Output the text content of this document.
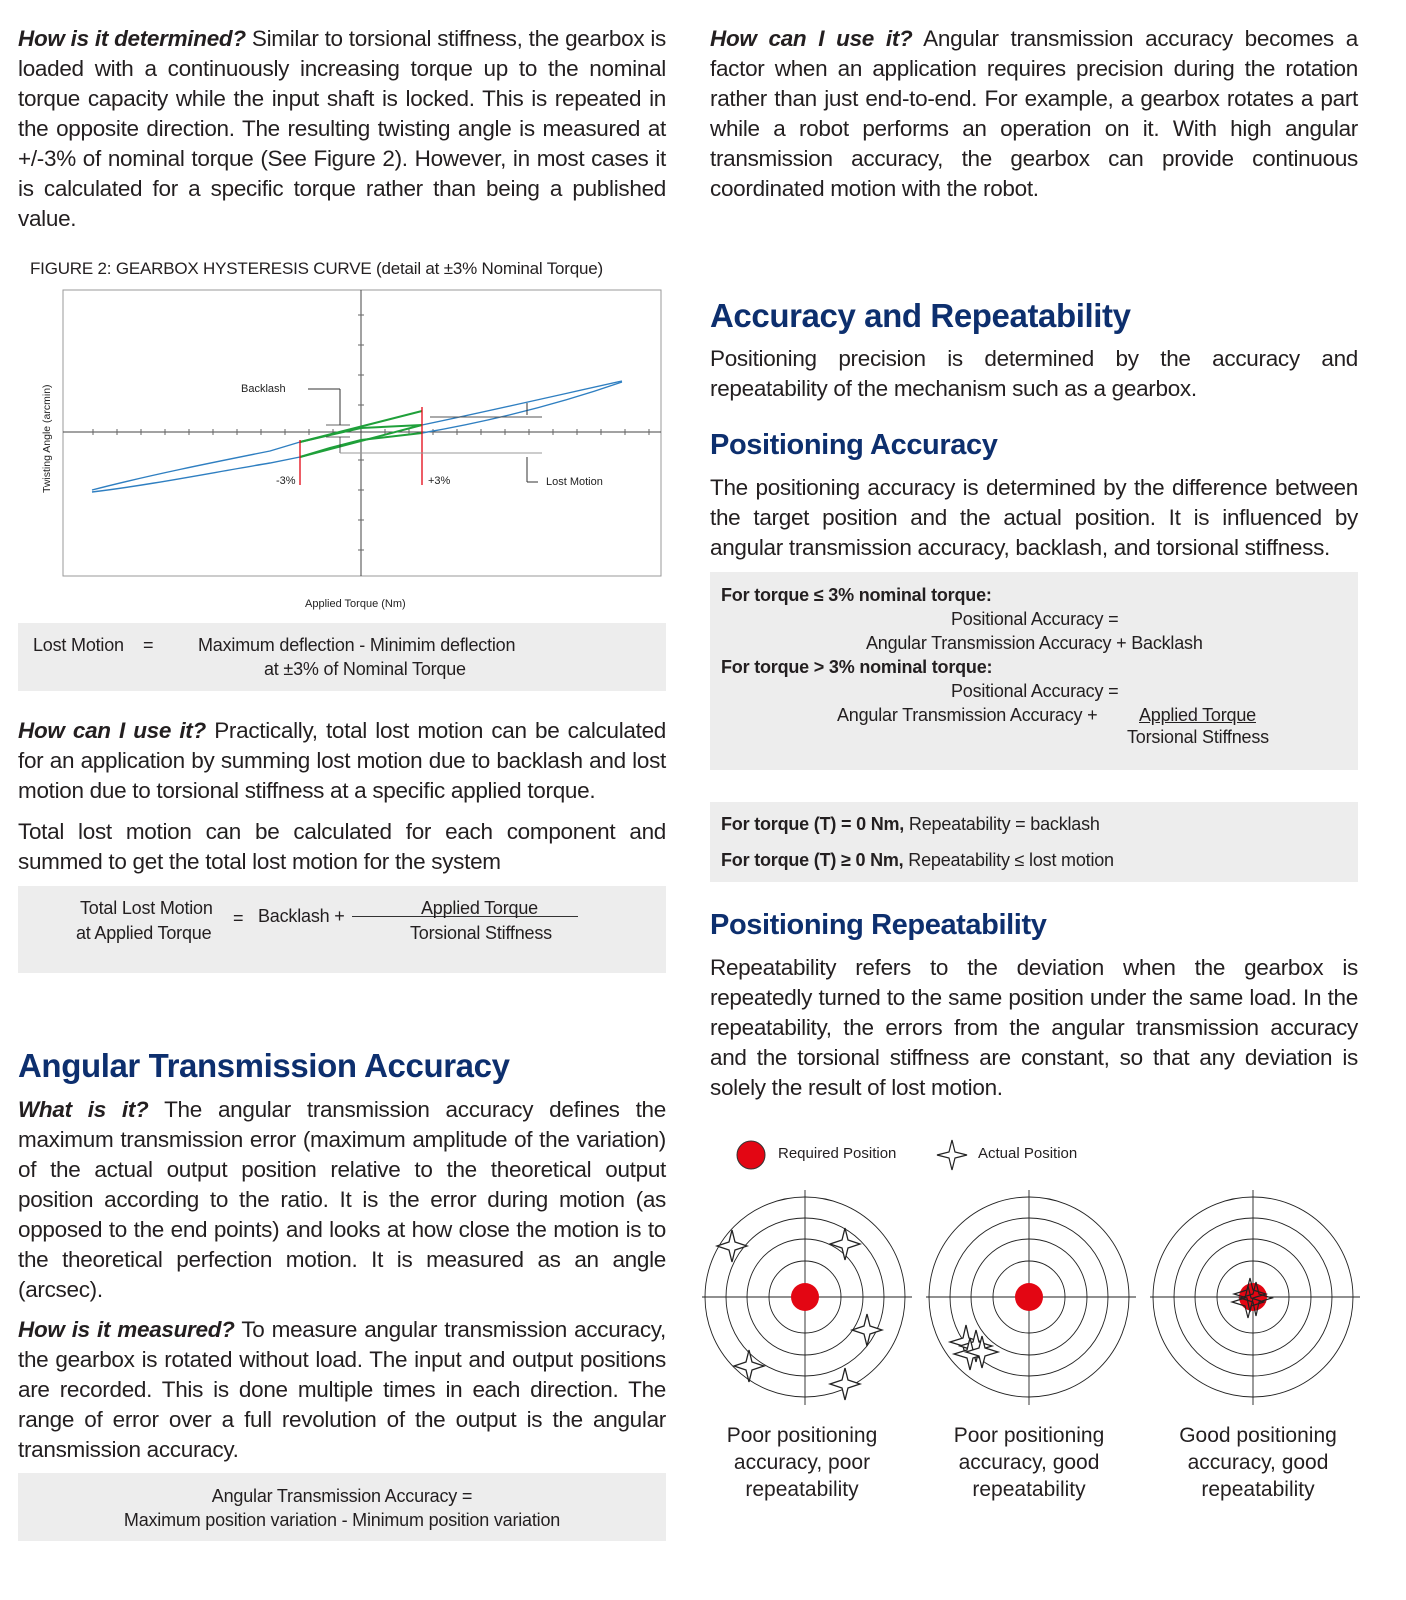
How is it determined? Similar to torsional stiffness, the gearbox is loaded with a continuously increasing torque up to the nominal torque capacity while the input shaft is locked. This is repeated in the opposite direction. The resulting twisting angle is measured at +/-3% of nominal torque (See Figure 2). However, in most cases it is calculated for a specific torque rather than being a published value.
FIGURE 2: GEARBOX HYSTERESIS CURVE (detail at ±3% Nominal Torque)
Twisting Angle (arcmin)	Backlash
Lost Motion
-3%	+3%
Applied Torque (Nm)
Lost Motion = Maximum deflection - Minimim deflection
at ±3% of Nominal Torque
How can I use it? Practically, total lost motion can be calculated for an application by summing lost motion due to backlash and lost motion due to torsional stiffness at a specific applied torque.
Total lost motion can be calculated for each component and summed to get the total lost motion for the system
Total Lost Motion
at Applied Torque
= Backlash +	Applied Torque
Torsional Stiffness
Angular Transmission Accuracy
What is it? The angular transmission accuracy defines the maximum transmission error (maximum amplitude of the variation) of the actual output position relative to the theoretical output position according to the ratio. It is the error during motion (as opposed to the end points) and looks at how close the motion is to the theoretical perfection motion. It is measured as an angle (arcsec).
How is it measured? To measure angular transmission accuracy, the gearbox is rotated without load. The input and output positions are recorded. This is done multiple times in each direction. The range of error over a full revolution of the output is the angular transmission accuracy.
Angular Transmission Accuracy =
Maximum position variation - Minimum position variation
How can I use it? Angular transmission accuracy becomes a factor when an application requires precision during the rotation rather than just end-to-end. For example, a gearbox rotates a part while a robot performs an operation on it. With high angular transmission accuracy, the gearbox can provide continuous coordinated motion with the robot.
Accuracy and Repeatability
Positioning precision is determined by the accuracy and repeatability of the mechanism such as a gearbox.
Positioning Accuracy
The positioning accuracy is determined by the difference between the target position and the actual position. It is influenced by angular transmission accuracy, backlash, and torsional stiffness.
For torque ≤ 3% nominal torque:
Positional Accuracy =
Angular Transmission Accuracy + Backlash
For torque > 3% nominal torque:
Positional Accuracy =
Angular Transmission Accuracy + Applied Torque
Torsional Stiffness
For torque (T) = 0 Nm, Repeatability = backlash
For torque (T) ≥ 0 Nm, Repeatability ≤ lost motion
Positioning Repeatability
Repeatability refers to the deviation when the gearbox is repeatedly turned to the same position under the same load. In the repeatability, the errors from the angular transmission accuracy and the torsional stiffness are constant, so that any deviation is solely the result of lost motion.
Required Position	Actual Position
Poor positioning
accuracy, poor
repeatability
Poor positioning
accuracy, good
repeatability
Good positioning
accuracy, good
repeatability
